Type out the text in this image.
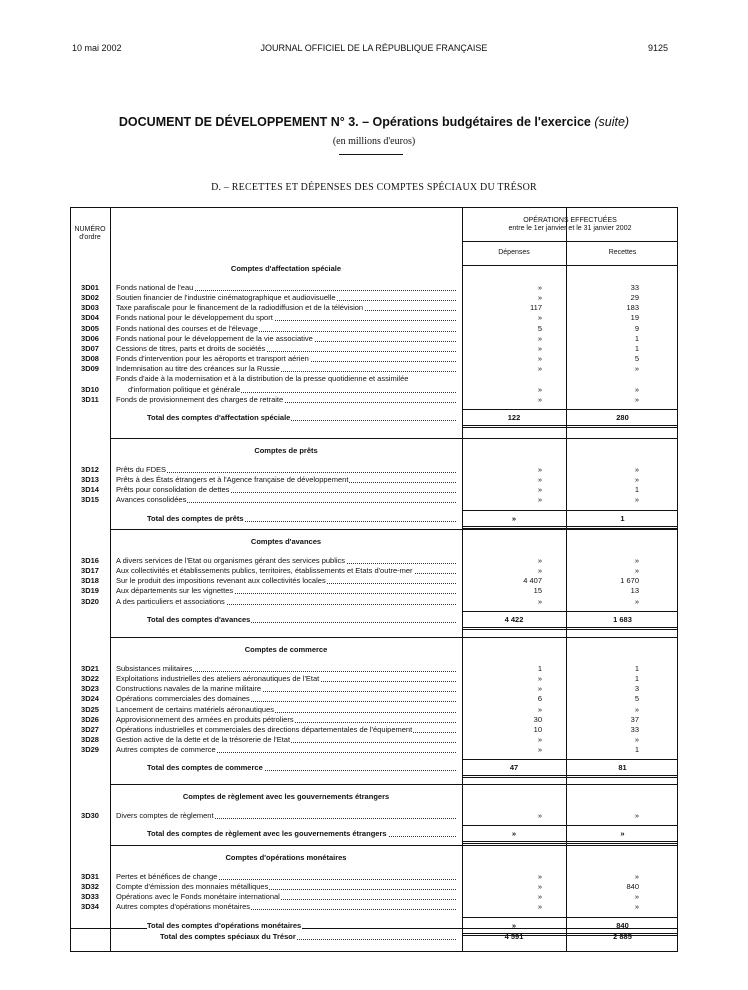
10 mai 2002	JOURNAL OFFICIEL DE LA RÉPUBLIQUE FRANÇAISE	9125
DOCUMENT DE DÉVELOPPEMENT N° 3. – Opérations budgétaires de l'exercice (suite)
(en millions d'euros)
D. – RECETTES ET DÉPENSES DES COMPTES SPÉCIAUX DU TRÉSOR
NUMÉRO
d'ordre
OPÉRATIONS EFFECTUÉES
entre le 1er janvier et le 31 janvier 2002
Dépenses	Recettes
Comptes d'affectation spéciale
3D01	Fonds national de l'eau	»	33
3D02	Soutien financier de l'industrie cinématographique et audiovisuelle	»	29
3D03	Taxe parafiscale pour le financement de la radiodiffusion et de la télévision	117	183
3D04	Fonds national pour le développement du sport	»	19
3D05	Fonds national des courses et de l'élevage	5	9
3D06	Fonds national pour le développement de la vie associative	»	1
3D07	Cessions de titres, parts et droits de sociétés	»	1
3D08	Fonds d'intervention pour les aéroports et transport aérien	»	5
3D09	Indemnisation au titre des créances sur la Russie	»	»
3D10
Fonds d'aide à la modernisation et à la distribution de la presse quotidienne et assimilée
d'information politique et générale	»	»
3D11	Fonds de provisionnement des charges de retraite	»	»
Total des comptes d'affectation spéciale	122	280
Comptes de prêts
3D12	Prêts du FDES	»	»
3D13	Prêts à des États étrangers et à l'Agence française de développement	»	»
3D14	Prêts pour consolidation de dettes	»	1
3D15	Avances consolidées	»	»
Total des comptes de prêts	»	1
Comptes d'avances
3D16	A divers services de l'Etat ou organismes gérant des services publics	»	»
3D17	Aux collectivités et établissements publics, territoires, établissements et Etats d'outre-mer	»	»
3D18	Sur le produit des impositions revenant aux collectivités locales	4 407	1 670
3D19	Aux départements sur les vignettes	15	13
3D20	A des particuliers et associations	»	»
Total des comptes d'avances	4 422	1 683
Comptes de commerce
3D21	Subsistances militaires	1	1
3D22	Exploitations industrielles des ateliers aéronautiques de l'Etat	»	1
3D23	Constructions navales de la marine militaire	»	3
3D24	Opérations commerciales des domaines	6	5
3D25	Lancement de certains matériels aéronautiques	»	»
3D26	Approvisionnement des armées en produits pétroliers	30	37
3D27	Opérations industrielles et commerciales des directions départementales de l'équipement	10	33
3D28	Gestion active de la dette et de la trésorerie de l'Etat	»	»
3D29	Autres comptes de commerce	»	1
Total des comptes de commerce	47	81
Comptes de règlement avec les gouvernements étrangers
3D30	Divers comptes de règlement	»	»
Total des comptes de règlement avec les gouvernements étrangers	»	»
Comptes d'opérations monétaires
3D31	Pertes et bénéfices de change	»	»
3D32	Compte d'émission des monnaies métalliques	»	840
3D33	Opérations avec le Fonds monétaire international	»	»
3D34	Autres comptes d'opérations monétaires	»	»
Total des comptes d'opérations monétaires	»	840
Total des comptes spéciaux du Trésor	4 591	2 885
